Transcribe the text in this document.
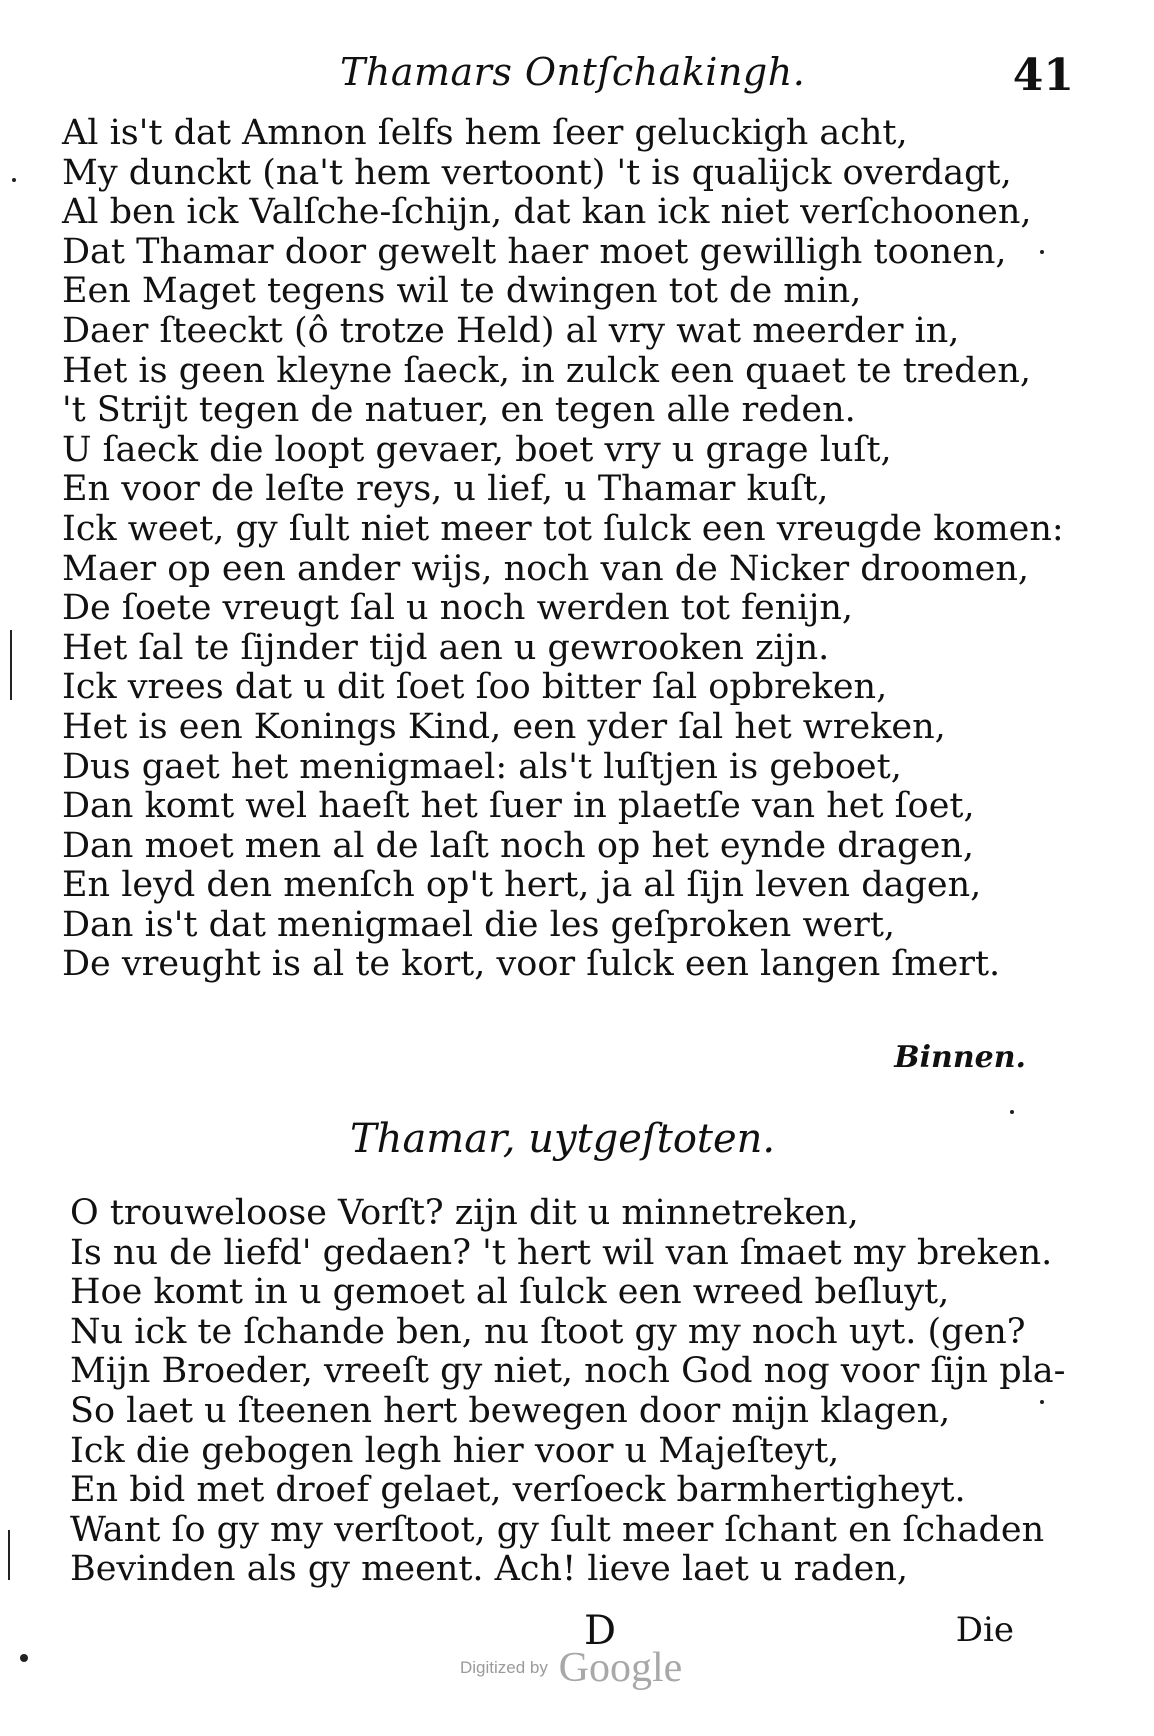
Thamars Ontſchakingh.	41
Al is't dat Amnon ſelfs hem ſeer geluckigh acht,
My dunckt (na't hem vertoont) 't is qualijck overdagt,
Al ben ick Valſche-ſchijn, dat kan ick niet verſchoonen,
Dat Thamar door gewelt haer moet gewilligh toonen,
Een Maget tegens wil te dwingen tot de min,
Daer ſteeckt (ô trotze Held) al vry wat meerder in,
Het is geen kleyne ſaeck, in zulck een quaet te treden,
't Strijt tegen de natuer, en tegen alle reden.
U ſaeck die loopt gevaer, boet vry u grage luſt,
En voor de leſte reys, u lief, u Thamar kuſt,
Ick weet, gy ſult niet meer tot ſulck een vreugde komen:
Maer op een ander wijs, noch van de Nicker droomen,
De ſoete vreugt ſal u noch werden tot fenijn,
Het ſal te ſijnder tijd aen u gewrooken zijn.
Ick vrees dat u dit ſoet ſoo bitter ſal opbreken,
Het is een Konings Kind, een yder ſal het wreken,
Dus gaet het menigmael: als't luſtjen is geboet,
Dan komt wel haeſt het ſuer in plaetſe van het ſoet,
Dan moet men al de laſt noch op het eynde dragen,
En leyd den menſch op't hert, ja al ſijn leven dagen,
Dan is't dat menigmael die les geſproken wert,
De vreught is al te kort, voor ſulck een langen ſmert.
Binnen.
Thamar, uytgeſtoten.
O trouweloose Vorſt? zijn dit u minnetreken,
Is nu de liefd' gedaen? 't hert wil van ſmaet my breken.
Hoe komt in u gemoet al ſulck een wreed beſluyt,
Nu ick te ſchande ben, nu ſtoot gy my noch uyt. (gen?
Mijn Broeder, vreeſt gy niet, noch God nog voor ſijn pla-
So laet u ſteenen hert bewegen door mijn klagen,
Ick die gebogen legh hier voor u Majeſteyt,
En bid met droef gelaet, verſoeck barmhertigheyt.
Want ſo gy my verſtoot, gy ſult meer ſchant en ſchaden
Bevinden als gy meent. Ach! lieve laet u raden,
D	Die
Digitized by Google
